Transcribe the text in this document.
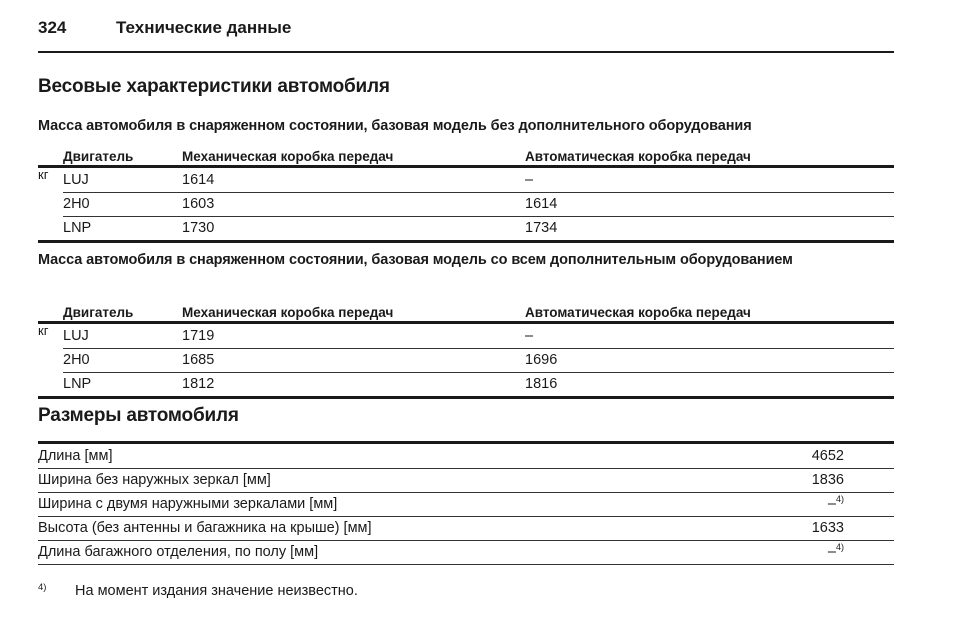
324	Технические данные
Весовые характеристики автомобиля
Масса автомобиля в снаряженном состоянии, базовая модель без дополнительного оборудования
кг
Двигатель	Механическая коробка передач	Автоматическая коробка передач
LUJ	1614	–
2H0	1603	1614
LNP	1730	1734
Масса автомобиля в снаряженном состоянии, базовая модель со всем дополнительным оборудованием
кг
Двигатель	Механическая коробка передач	Автоматическая коробка передач
LUJ	1719	–
2H0	1685	1696
LNP	1812	1816
Размеры автомобиля
Длина [мм]	4652
Ширина без наружных зеркал [мм]	1836
Ширина с двумя наружными зеркалами [мм]	–$^{4)}$
Высота (без антенны и багажника на крыше) [мм]	1633
Длина багажного отделения, по полу [мм]	–$^{4)}$
4)	На момент издания значение неизвестно.
